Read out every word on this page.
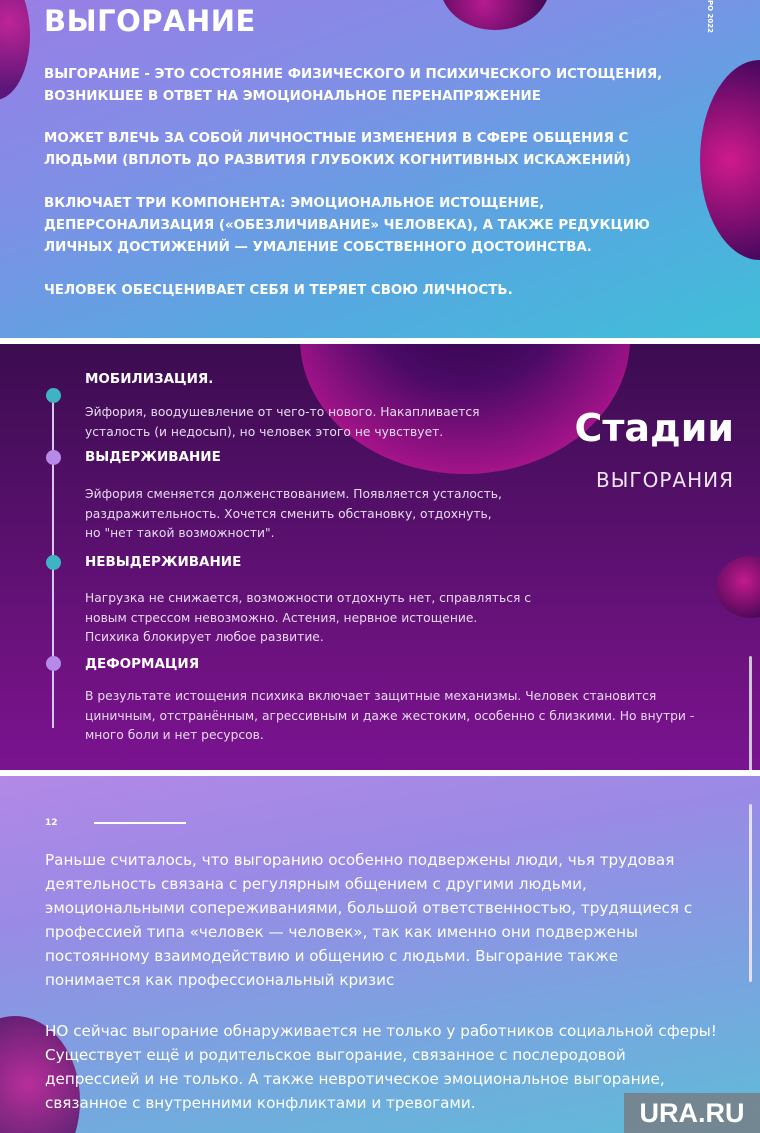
ВЫГОРАНИЕ	РО 2022
ВЫГОРАНИЕ - ЭТО СОСТОЯНИЕ ФИЗИЧЕСКОГО И ПСИХИЧЕСКОГО ИСТОЩЕНИЯ, ВОЗНИКШЕЕ В ОТВЕТ НА ЭМОЦИОНАЛЬНОЕ ПЕРЕНАПРЯЖЕНИЕ
МОЖЕТ ВЛЕЧЬ ЗА СОБОЙ ЛИЧНОСТНЫЕ ИЗМЕНЕНИЯ В СФЕРЕ ОБЩЕНИЯ С ЛЮДЬМИ (ВПЛОТЬ ДО РАЗВИТИЯ ГЛУБОКИХ КОГНИТИВНЫХ ИСКАЖЕНИЙ)
ВКЛЮЧАЕТ ТРИ КОМПОНЕНТА: ЭМОЦИОНАЛЬНОЕ ИСТОЩЕНИЕ, ДЕПЕРСОНАЛИЗАЦИЯ («ОБЕЗЛИЧИВАНИЕ» ЧЕЛОВЕКА), А ТАКЖЕ РЕДУКЦИЮ ЛИЧНЫХ ДОСТИЖЕНИЙ — УМАЛЕНИЕ СОБСТВЕННОГО ДОСТОИНСТВА.
ЧЕЛОВЕК ОБЕСЦЕНИВАЕТ СЕБЯ И ТЕРЯЕТ СВОЮ ЛИЧНОСТЬ.
МОБИЛИЗАЦИЯ.
Эйфория, воодушевление от чего-то нового. Накапливается усталость (и недосып), но человек этого не чувствует.
ВЫДЕРЖИВАНИЕ
Эйфория сменяется долженствованием. Появляется усталость, раздражительность. Хочется сменить обстановку, отдохнуть, но "нет такой возможности".
НЕВЫДЕРЖИВАНИЕ
Нагрузка не снижается, возможности отдохнуть нет, справляться с новым стрессом невозможно. Астения, нервное истощение. Психика блокирует любое развитие.
ДЕФОРМАЦИЯ
В результате истощения психика включает защитные механизмы. Человек становится циничным, отстранённым, агрессивным и даже жестоким, особенно с близкими. Но внутри - много боли и нет ресурсов.
Стадии
ВЫГОРАНИЯ
12
Раньше считалось, что выгоранию особенно подвержены люди, чья трудовая деятельность связана с регулярным общением с другими людьми, эмоциональными сопереживаниями, большой ответственностью, трудящиеся с профессией типа «человек — человек», так как именно они подвержены постоянному взаимодействию и общению с людьми. Выгорание также понимается как профессиональный кризис
НО сейчас выгорание обнаруживается не только у работников социальной сферы! Существует ещё и родительское выгорание, связанное с послеродовой депрессией и не только. А также невротическое эмоциональное выгорание, связанное с внутренними конфликтами и тревогами.	URA.RU
